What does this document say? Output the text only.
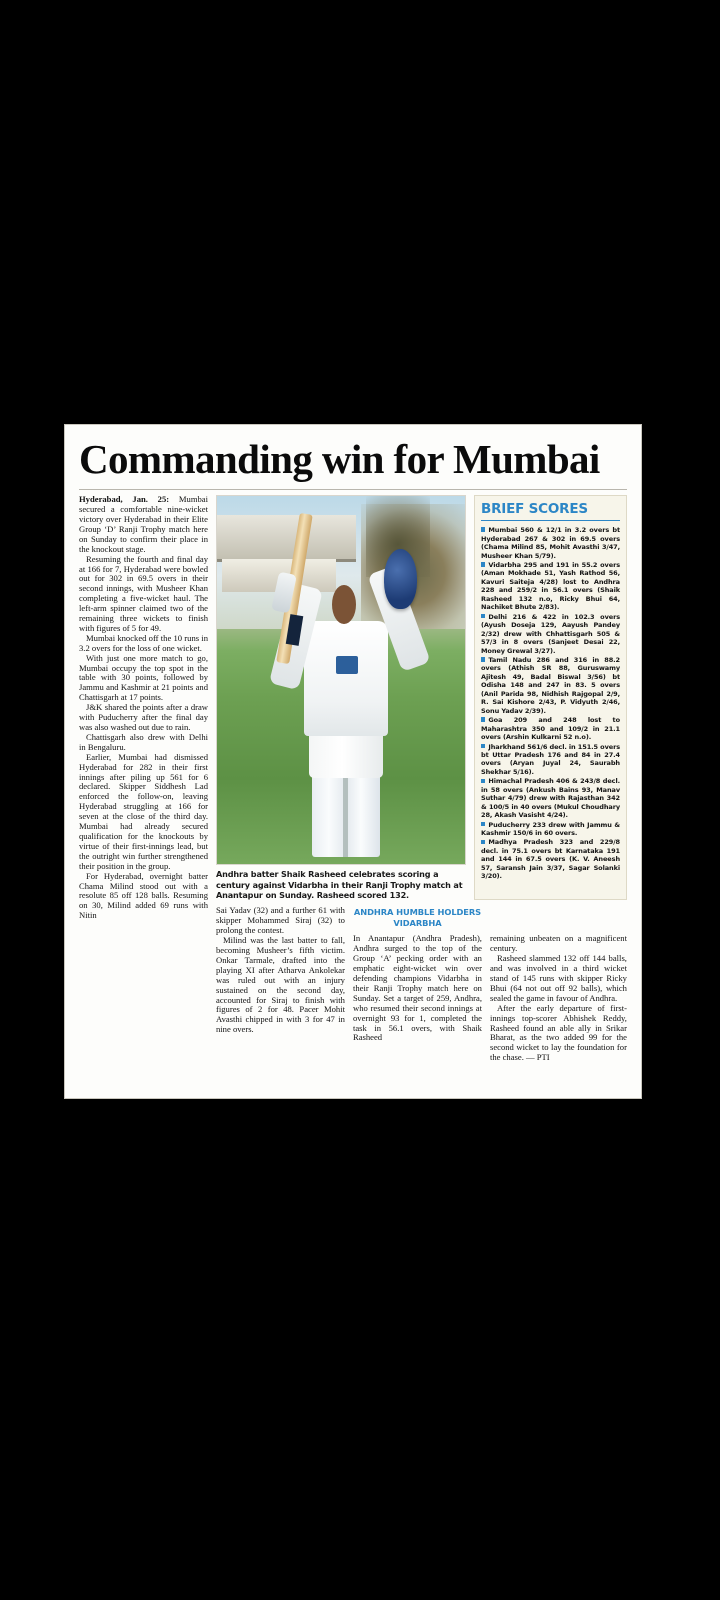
Commanding win for Mumbai

Hyderabad, Jan. 25: Mumbai secured a comfortable nine-wicket victory over Hyderabad in their Elite Group ‘D’ Ranji Trophy match here on Sunday to confirm their place in the knockout stage.

Resuming the fourth and final day at 166 for 7, Hyderabad were bowled out for 302 in 69.5 overs in their second innings, with Musheer Khan completing a five-wicket haul. The left-arm spinner claimed two of the remaining three wickets to finish with figures of 5 for 49.

Mumbai knocked off the 10 runs in 3.2 overs for the loss of one wicket.

With just one more match to go, Mumbai occupy the top spot in the table with 30 points, followed by Jammu and Kashmir at 21 points and Chattisgarh at 17 points.

J&K shared the points after a draw with Puducherry after the final day was also washed out due to rain.

Chattisgarh also drew with Delhi in Bengaluru.

Earlier, Mumbai had dismissed Hyderabad for 282 in their first innings after piling up 561 for 6 declared. Skipper Siddhesh Lad enforced the follow-on, leaving Hyderabad struggling at 166 for seven at the close of the third day. Mumbai had already secured qualification for the knockouts by virtue of their first-innings lead, but the outright win further strengthened their position in the group.

For Hyderabad, overnight batter Chama Milind stood out with a resolute 85 off 128 balls. Resuming on 30, Milind added 69 runs with Nitin

Andhra batter Shaik Rasheed celebrates scoring a century against Vidarbha in their Ranji Trophy match at Anantapur on Sunday. Rasheed scored 132.
BRIEF SCORES
Mumbai 560 & 12/1 in 3.2 overs bt Hyderabad 267 & 302 in 69.5 overs (Chama Milind 85, Mohit Avasthi 3/47, Musheer Khan 5/79).
Vidarbha 295 and 191 in 55.2 overs (Aman Mokhade 51, Yash Rathod 56, Kavuri Saiteja 4/28) lost to Andhra 228 and 259/2 in 56.1 overs (Shaik Rasheed 132 n.o, Ricky Bhui 64, Nachiket Bhute 2/83).
Delhi 216 & 422 in 102.3 overs (Ayush Doseja 129, Aayush Pandey 2/32) drew with Chhattisgarh 505 & 57/3 in 8 overs (Sanjeet Desai 22, Money Grewal 3/27).
Tamil Nadu 286 and 316 in 88.2 overs (Athish SR 88, Guruswamy Ajitesh 49, Badal Biswal 3/56) bt Odisha 148 and 247 in 83. 5 overs (Anil Parida 98, Nidhish Rajgopal 2/9, R. Sai Kishore 2/43, P. Vidyuth 2/46, Sonu Yadav 2/39).
Goa 209 and 248 lost to Maharashtra 350 and 109/2 in 21.1 overs (Arshin Kulkarni 52 n.o).
Jharkhand 561/6 decl. in 151.5 overs bt Uttar Pradesh 176 and 84 in 27.4 overs (Aryan Juyal 24, Saurabh Shekhar 5/16).
Himachal Pradesh 406 & 243/8 decl. in 58 overs (Ankush Bains 93, Manav Suthar 4/79) drew with Rajasthan 342 & 100/5 in 40 overs (Mukul Choudhary 28, Akash Vasisht 4/24).
Puducherry 233 drew with Jammu & Kashmir 150/6 in 60 overs.
Madhya Pradesh 323 and 229/8 decl. in 75.1 overs bt Karnataka 191 and 144 in 67.5 overs (K. V. Aneesh 57, Saransh Jain 3/37, Sagar Solanki 3/20).

Sai Yadav (32) and a further 61 with skipper Mohammed Siraj (32) to prolong the contest.

Milind was the last batter to fall, becoming Musheer’s fifth victim. Onkar Tarmale, drafted into the playing XI after Atharva Ankolekar was ruled out with an injury sustained on the second day, accounted for Siraj to finish with figures of 2 for 48. Pacer Mohit Avasthi chipped in with 3 for 47 in nine overs.

ANDHRA HUMBLE HOLDERS VIDARBHA

In Anantapur (Andhra Pradesh), Andhra surged to the top of the Group ‘A’ pecking order with an emphatic eight-wicket win over defending champions Vidarbha in their Ranji Trophy match here on Sunday. Set a target of 259, Andhra, who resumed their second innings at overnight 93 for 1, completed the task in 56.1 overs, with Shaik Rasheed

remaining unbeaten on a magnificent century.

Rasheed slammed 132 off 144 balls, and was involved in a third wicket stand of 145 runs with skipper Ricky Bhui (64 not out off 92 balls), which sealed the game in favour of Andhra.

After the early departure of first-innings top-scorer Abhishek Reddy, Rasheed found an able ally in Srikar Bharat, as the two added 99 for the second wicket to lay the foundation for the chase. — PTI
